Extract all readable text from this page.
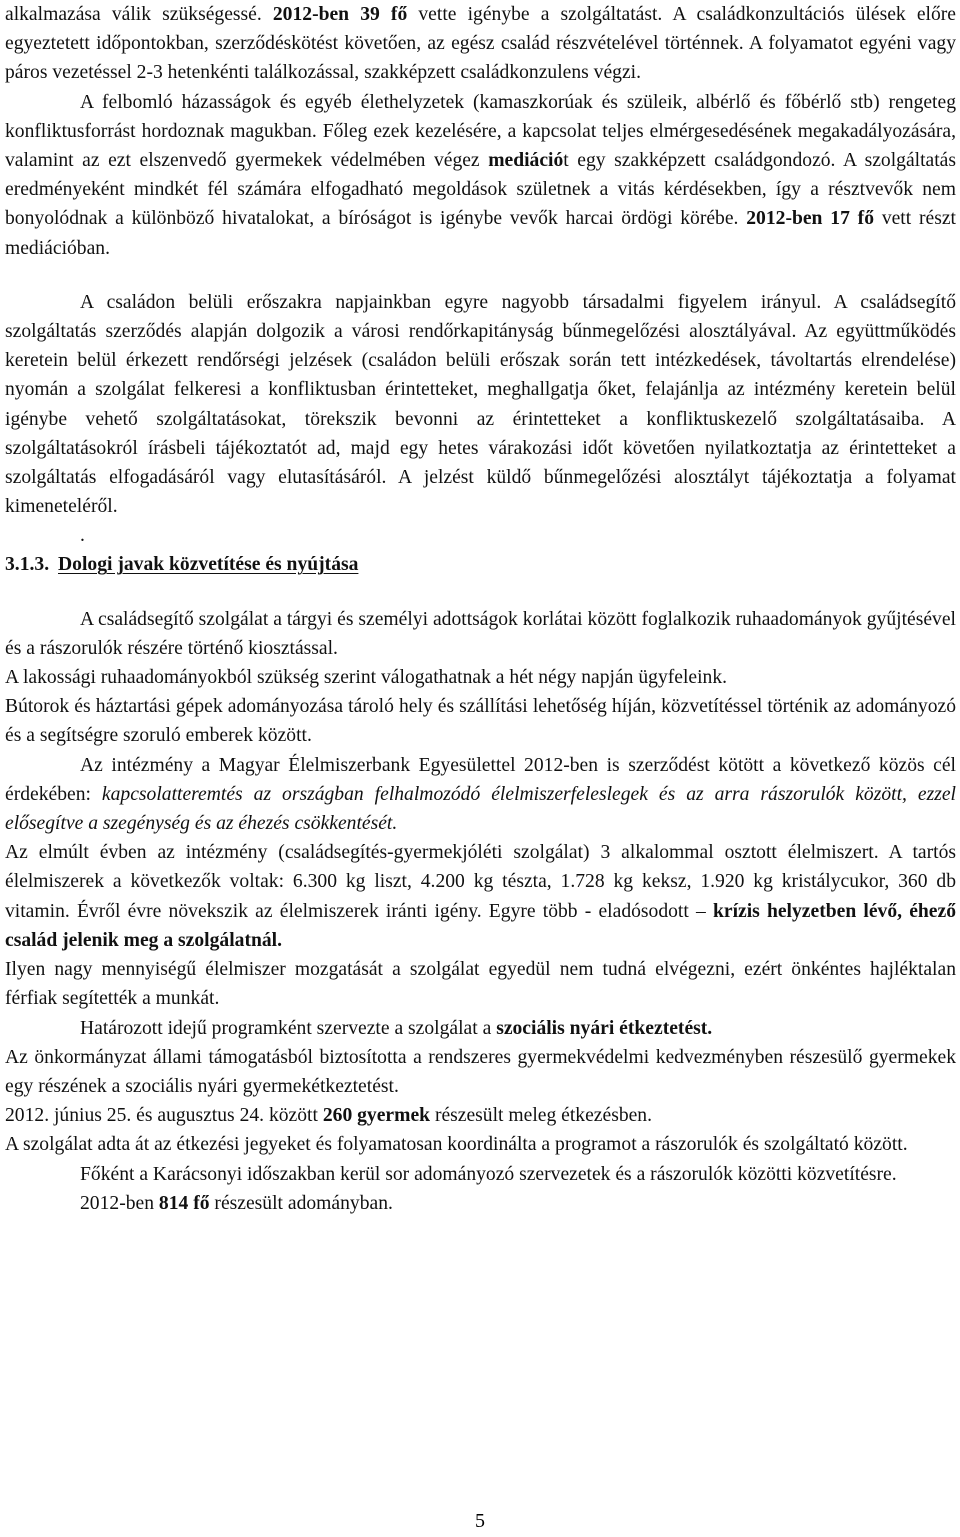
alkalmazása válik szükségessé. 2012-ben 39 fő vette igénybe a szolgáltatást. A családkonzultációs ülések előre egyeztetett időpontokban, szerződéskötést követően, az egész család részvételével történnek. A folyamatot egyéni vagy páros vezetéssel 2-3 hetenkénti találkozással, szakképzett családkonzulens végzi.

A felbomló házasságok és egyéb élethelyzetek (kamaszkorúak és szüleik, albérlő és főbérlő stb) rengeteg konfliktusforrást hordoznak magukban. Főleg ezek kezelésére, a kapcsolat teljes elmérgesedésének megakadályozására, valamint az ezt elszenvedő gyermekek védelmében végez mediációt egy szakképzett családgondozó. A szolgáltatás eredményeként mindkét fél számára elfogadható megoldások születnek a vitás kérdésekben, így a résztvevők nem bonyolódnak a különböző hivatalokat, a bíróságot is igénybe vevők harcai ördögi körébe. 2012-ben 17 fő vett részt mediációban.

A családon belüli erőszakra napjainkban egyre nagyobb társadalmi figyelem irányul. A családsegítő szolgáltatás szerződés alapján dolgozik a városi rendőrkapitányság bűnmegelőzési alosztályával. Az együttműködés keretein belül érkezett rendőrségi jelzések (családon belüli erőszak során tett intézkedések, távoltartás elrendelése) nyomán a szolgálat felkeresi a konfliktusban érintetteket, meghallgatja őket, felajánlja az intézmény keretein belül igénybe vehető szolgáltatásokat, törekszik bevonni az érintetteket a konfliktuskezelő szolgáltatásaiba. A szolgáltatásokról írásbeli tájékoztatót ad, majd egy hetes várakozási időt követően nyilatkoztatja az érintetteket a szolgáltatás elfogadásáról vagy elutasításáról. A jelzést küldő bűnmegelőzési alosztályt tájékoztatja a folyamat kimeneteléről.

.

3.1.3. Dologi javak közvetítése és nyújtása

A családsegítő szolgálat a tárgyi és személyi adottságok korlátai között foglalkozik ruhaadományok gyűjtésével és a rászorulók részére történő kiosztással.

A lakossági ruhaadományokból szükség szerint válogathatnak a hét négy napján ügyfeleink.

Bútorok és háztartási gépek adományozása tároló hely és szállítási lehetőség híján, közvetítéssel történik az adományozó és a segítségre szoruló emberek között.

Az intézmény a Magyar Élelmiszerbank Egyesülettel 2012-ben is szerződést kötött a következő közös cél érdekében: kapcsolatteremtés az országban felhalmozódó élelmiszerfeleslegek és az arra rászorulók között, ezzel elősegítve a szegénység és az éhezés csökkentését.

Az elmúlt évben az intézmény (családsegítés-gyermekjóléti szolgálat) 3 alkalommal osztott élelmiszert. A tartós élelmiszerek a következők voltak: 6.300 kg liszt, 4.200 kg tészta, 1.728 kg keksz, 1.920 kg kristálycukor, 360 db vitamin. Évről évre növekszik az élelmiszerek iránti igény. Egyre több - eladósodott – krízis helyzetben lévő, éhező család jelenik meg a szolgálatnál.

Ilyen nagy mennyiségű élelmiszer mozgatását a szolgálat egyedül nem tudná elvégezni, ezért önkéntes hajléktalan férfiak segítették a munkát.

Határozott idejű programként szervezte a szolgálat a szociális nyári étkeztetést.

Az önkormányzat állami támogatásból biztosította a rendszeres gyermekvédelmi kedvezményben részesülő gyermekek egy részének a szociális nyári gyermekétkeztetést.

2012. június 25. és augusztus 24. között 260 gyermek részesült meleg étkezésben.

A szolgálat adta át az étkezési jegyeket és folyamatosan koordinálta a programot a rászorulók és szolgáltató között.

Főként a Karácsonyi időszakban kerül sor adományozó szervezetek és a rászorulók közötti közvetítésre.

2012-ben 814 fő részesült adományban.

5
